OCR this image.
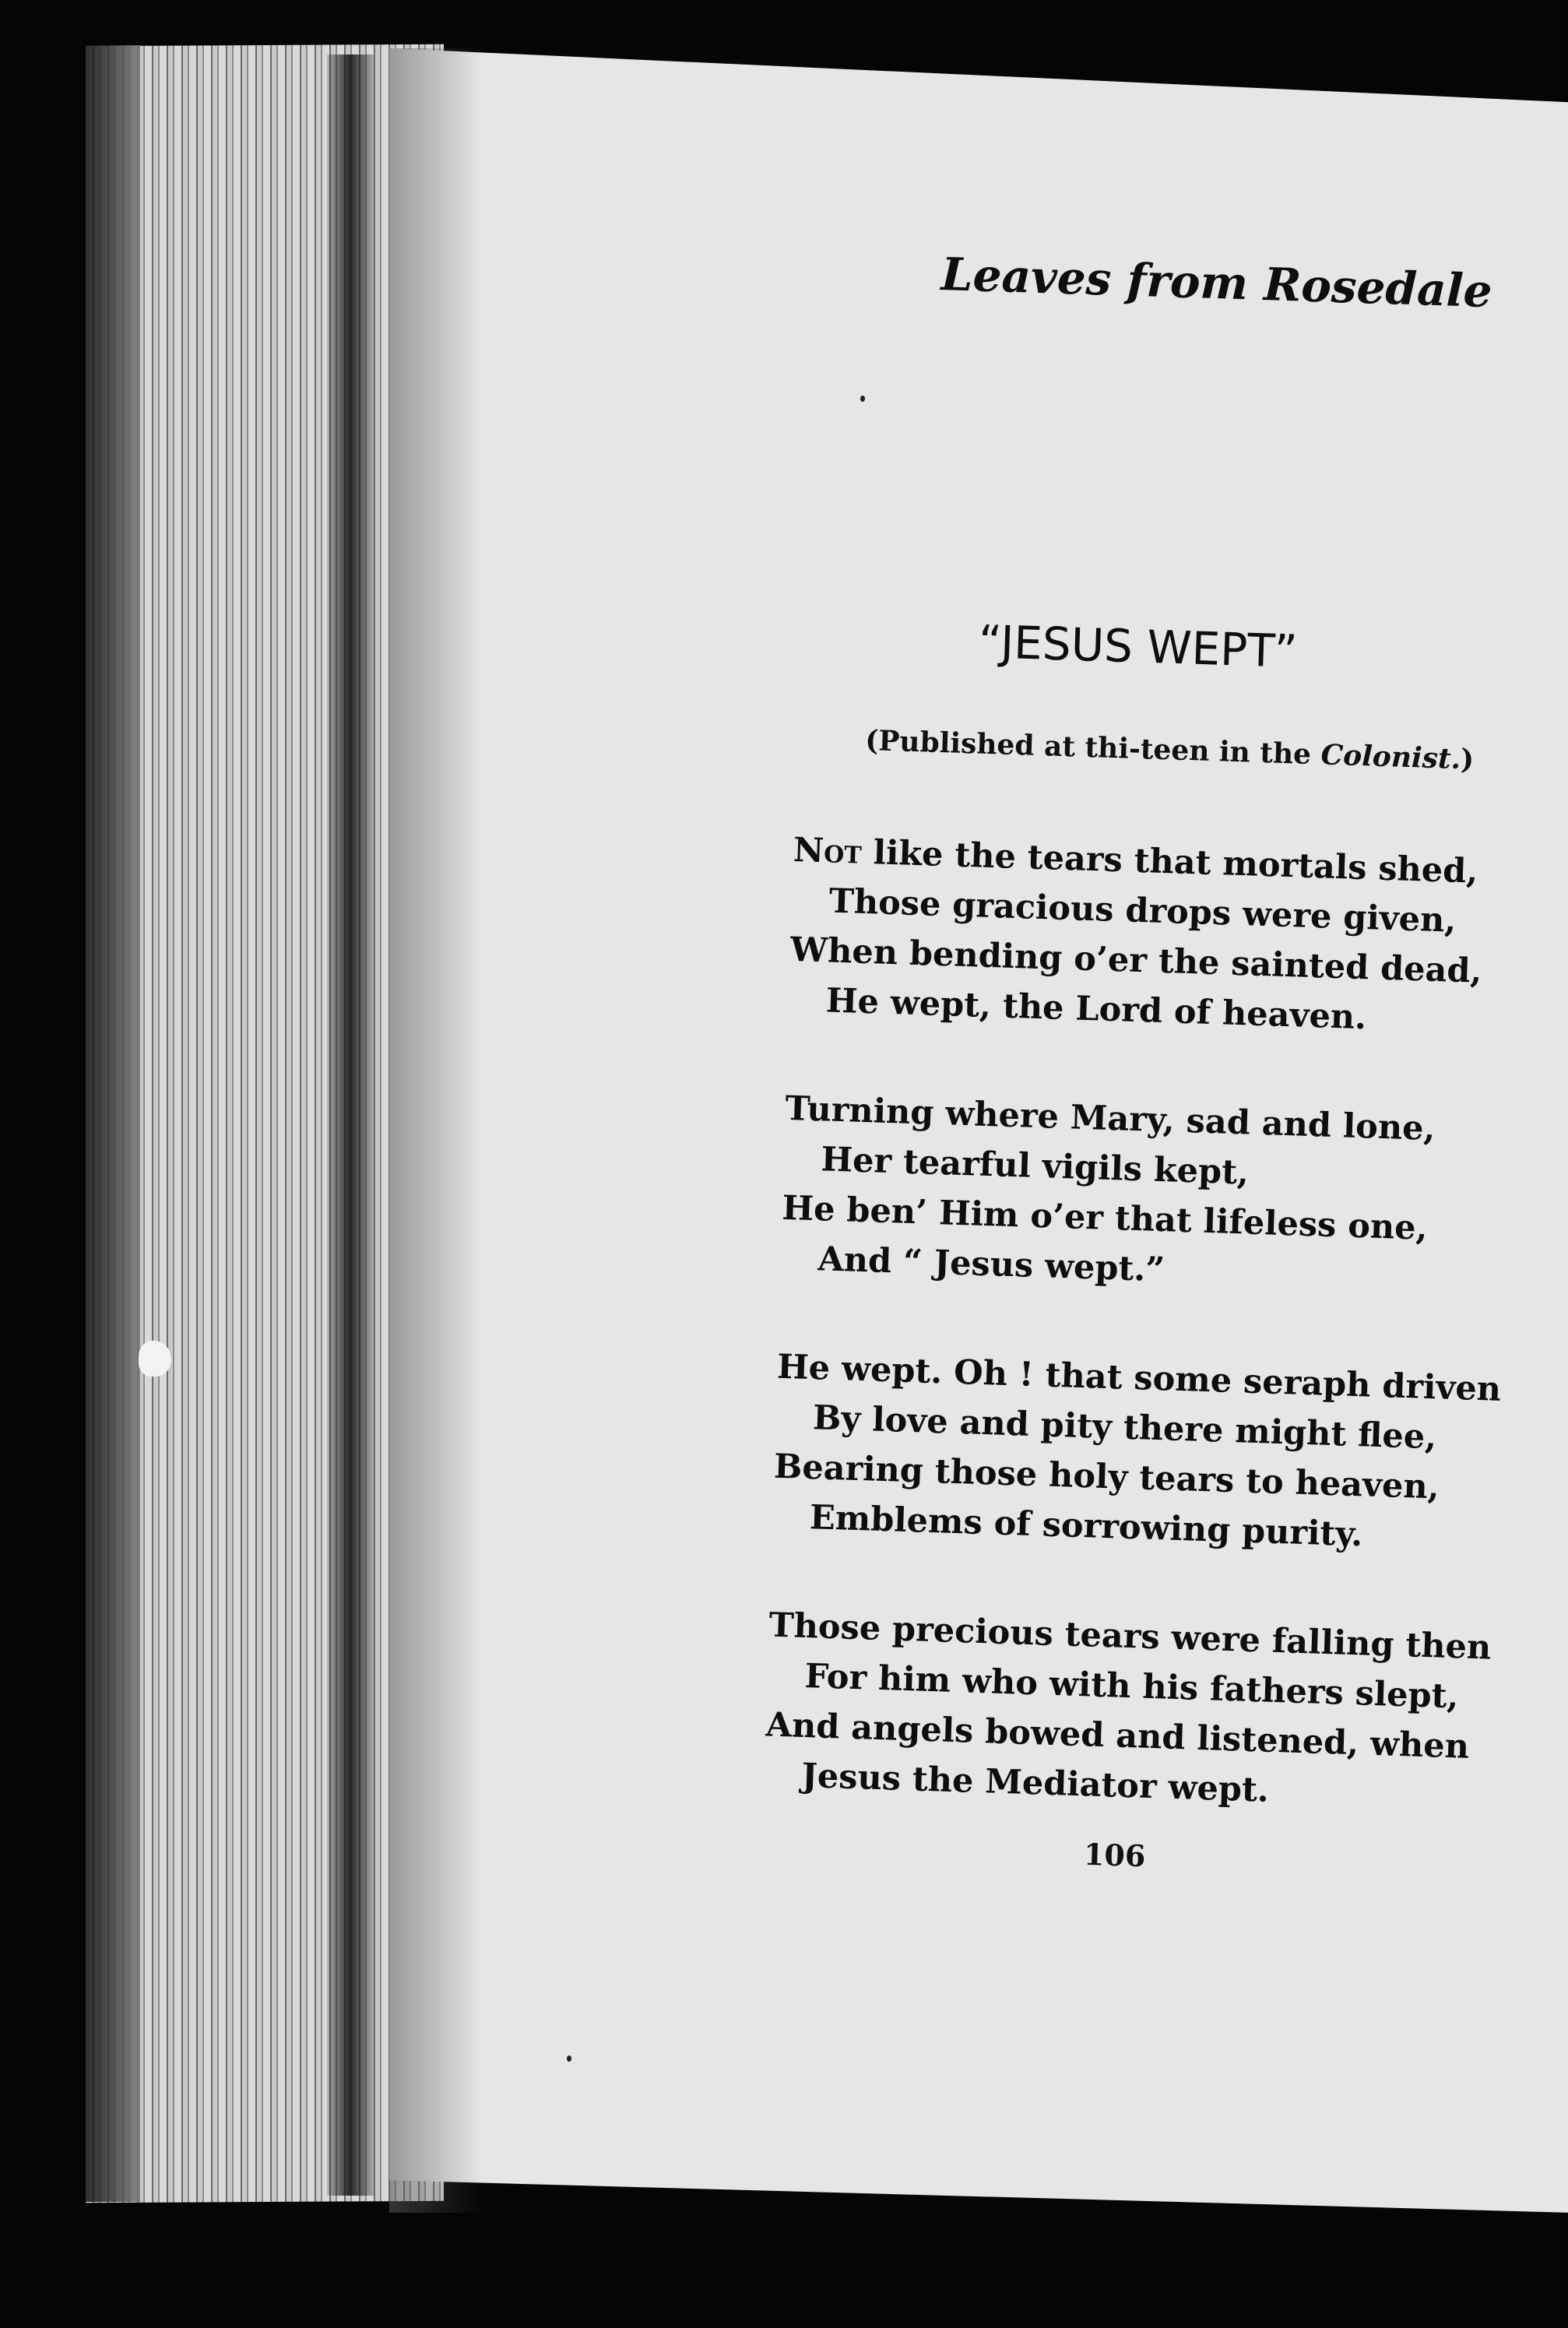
Leaves from Rosedale
“JESUS WEPT”
(Published at thi-teen in the Colonist.)
Not like the tears that mortals shed,
Those gracious drops were given,
When bending o’er the sainted dead,
He wept, the Lord of heaven.
Turning where Mary, sad and lone,
Her tearful vigils kept,
He ben’ Him o’er that lifeless one,
And “ Jesus wept.”
He wept. Oh ! that some seraph driven
By love and pity there might flee,
Bearing those holy tears to heaven,
Emblems of sorrowing purity.
Those precious tears were falling then
For him who with his fathers slept,
And angels bowed and listened, when
Jesus the Mediator wept.
106
